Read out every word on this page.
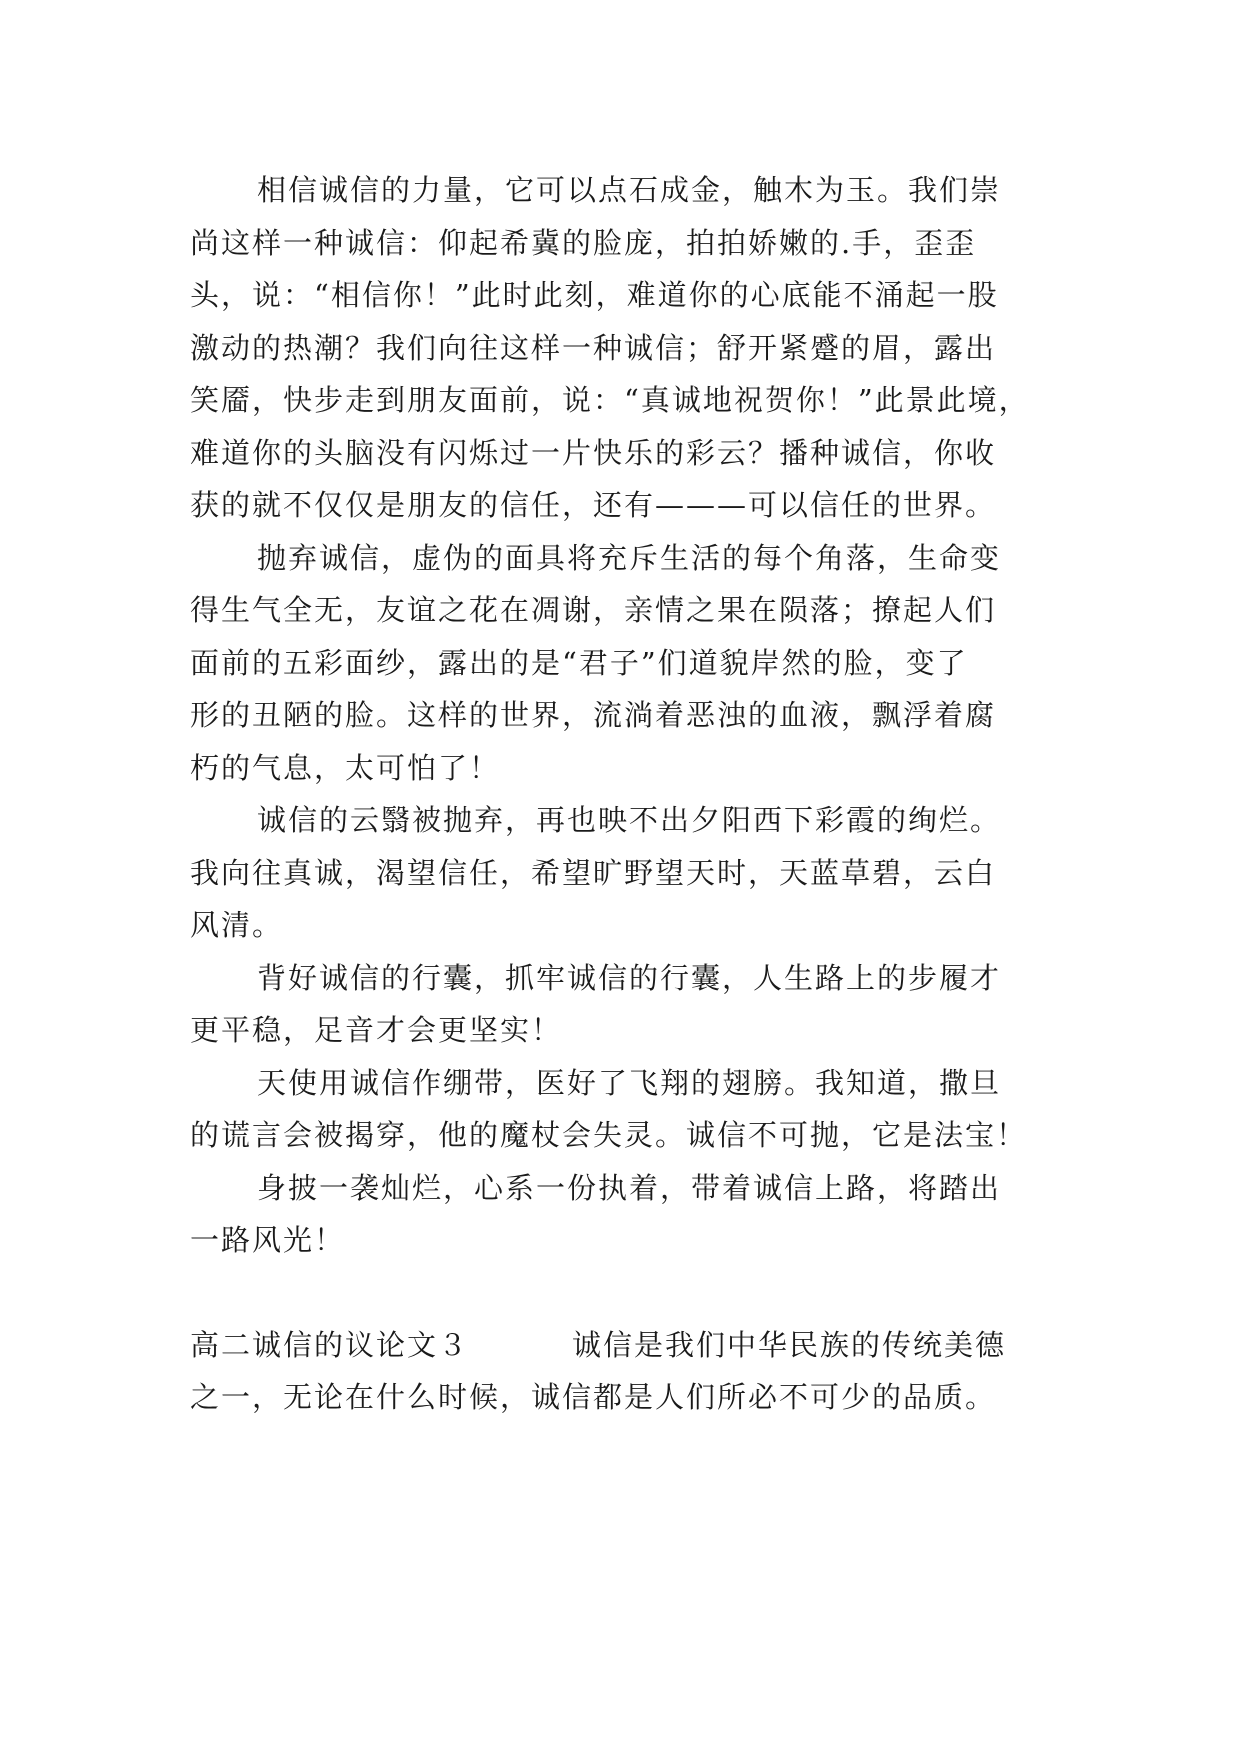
相信诚信的力量，它可以点石成金，触木为玉。我们崇
尚这样一种诚信：仰起希冀的脸庞，拍拍娇嫩的.手，歪歪
头，说：“相信你！”此时此刻，难道你的心底能不涌起一股
激动的热潮？我们向往这样一种诚信；舒开紧蹙的眉，露出
笑靥，快步走到朋友面前，说：“真诚地祝贺你！”此景此境，
难道你的头脑没有闪烁过一片快乐的彩云？播种诚信，你收
获的就不仅仅是朋友的信任，还有———可以信任的世界。
抛弃诚信，虚伪的面具将充斥生活的每个角落，生命变
得生气全无，友谊之花在凋谢，亲情之果在陨落；撩起人们
面前的五彩面纱，露出的是“君子”们道貌岸然的脸，变了
形的丑陋的脸。这样的世界，流淌着恶浊的血液，飘浮着腐
朽的气息，太可怕了！
诚信的云翳被抛弃，再也映不出夕阳西下彩霞的绚烂。
我向往真诚，渴望信任，希望旷野望天时，天蓝草碧，云白
风清。
背好诚信的行囊，抓牢诚信的行囊，人生路上的步履才
更平稳，足音才会更坚实！
天使用诚信作绷带，医好了飞翔的翅膀。我知道，撒旦
的谎言会被揭穿，他的魔杖会失灵。诚信不可抛，它是法宝！
身披一袭灿烂，心系一份执着，带着诚信上路，将踏出
一路风光！
高二诚信的议论文３	诚信是我们中华民族的传统美德
之一，无论在什么时候，诚信都是人们所必不可少的品质。
